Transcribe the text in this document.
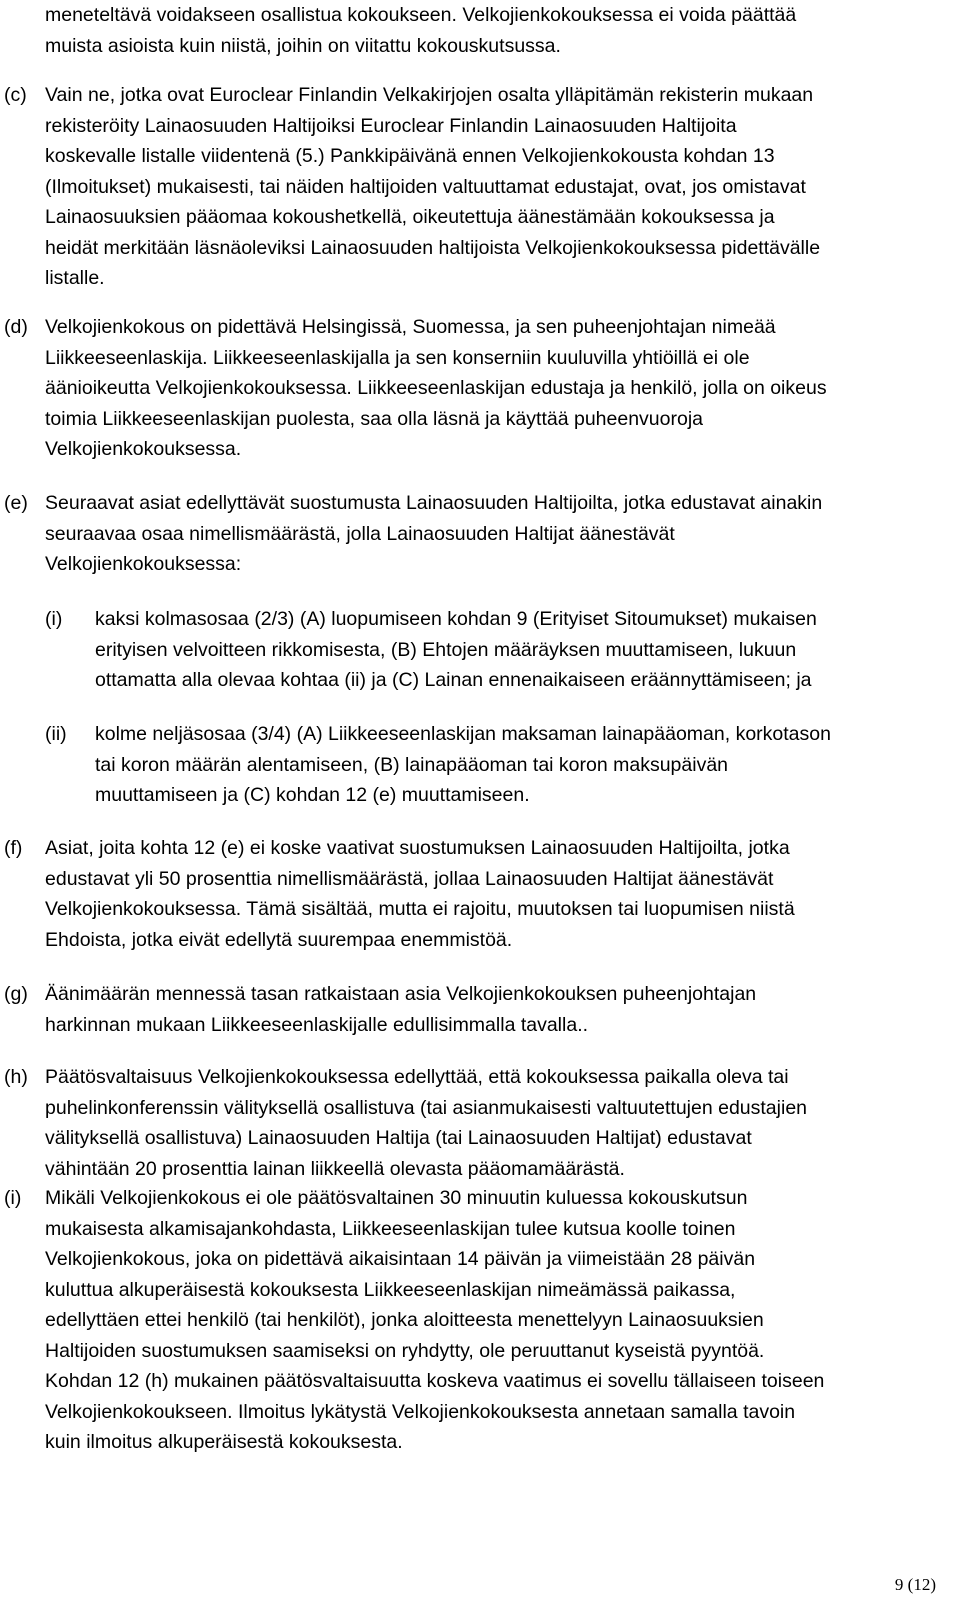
meneteltävä voidakseen osallistua kokoukseen. Velkojienkokouksessa ei voida päättää
muista asioista kuin niistä, joihin on viitattu kokouskutsussa.
(c) Vain ne, jotka ovat Euroclear Finlandin Velkakirjojen osalta ylläpitämän rekisterin mukaan
rekisteröity Lainaosuuden Haltijoiksi Euroclear Finlandin Lainaosuuden Haltijoita
koskevalle listalle viidentenä (5.) Pankkipäivänä ennen Velkojienkokousta kohdan 13
(Ilmoitukset) mukaisesti, tai näiden haltijoiden valtuuttamat edustajat, ovat, jos omistavat
Lainaosuuksien pääomaa kokoushetkellä, oikeutettuja äänestämään kokouksessa ja
heidät merkitään läsnäoleviksi Lainaosuuden haltijoista Velkojienkokouksessa pidettävälle
listalle.
(d) Velkojienkokous on pidettävä Helsingissä, Suomessa, ja sen puheenjohtajan nimeää
Liikkeeseenlaskija. Liikkeeseenlaskijalla ja sen konserniin kuuluvilla yhtiöillä ei ole
äänioikeutta Velkojienkokouksessa. Liikkeeseenlaskijan edustaja ja henkilö, jolla on oikeus
toimia Liikkeeseenlaskijan puolesta, saa olla läsnä ja käyttää puheenvuoroja
Velkojienkokouksessa.
(e) Seuraavat asiat edellyttävät suostumusta Lainaosuuden Haltijoilta, jotka edustavat ainakin
seuraavaa osaa nimellismäärästä, jolla Lainaosuuden Haltijat äänestävät
Velkojienkokouksessa:
(i) kaksi kolmasosaa (2/3) (A) luopumiseen kohdan 9 (Erityiset Sitoumukset) mukaisen
erityisen velvoitteen rikkomisesta, (B) Ehtojen määräyksen muuttamiseen, lukuun
ottamatta alla olevaa kohtaa (ii) ja (C) Lainan ennenaikaiseen eräännyttämiseen; ja
(ii) kolme neljäsosaa (3/4) (A) Liikkeeseenlaskijan maksaman lainapääoman, korkotason
tai koron määrän alentamiseen, (B) lainapääoman tai koron maksupäivän
muuttamiseen ja (C) kohdan 12 (e) muuttamiseen.
(f) Asiat, joita kohta 12 (e) ei koske vaativat suostumuksen Lainaosuuden Haltijoilta, jotka
edustavat yli 50 prosenttia nimellismäärästä, jollaa Lainaosuuden Haltijat äänestävät
Velkojienkokouksessa. Tämä sisältää, mutta ei rajoitu, muutoksen tai luopumisen niistä
Ehdoista, jotka eivät edellytä suurempaa enemmistöä.
(g) Äänimäärän mennessä tasan ratkaistaan asia Velkojienkokouksen puheenjohtajan
harkinnan mukaan Liikkeeseenlaskijalle edullisimmalla tavalla..
(h) Päätösvaltaisuus Velkojienkokouksessa edellyttää, että kokouksessa paikalla oleva tai
puhelinkonferenssin välityksellä osallistuva (tai asianmukaisesti valtuutettujen edustajien
välityksellä osallistuva) Lainaosuuden Haltija (tai Lainaosuuden Haltijat) edustavat
vähintään 20 prosenttia lainan liikkeellä olevasta pääomamäärästä.
(i) Mikäli Velkojienkokous ei ole päätösvaltainen 30 minuutin kuluessa kokouskutsun
mukaisesta alkamisajankohdasta, Liikkeeseenlaskijan tulee kutsua koolle toinen
Velkojienkokous, joka on pidettävä aikaisintaan 14 päivän ja viimeistään 28 päivän
kuluttua alkuperäisestä kokouksesta Liikkeeseenlaskijan nimeämässä paikassa,
edellyttäen ettei henkilö (tai henkilöt), jonka aloitteesta menettelyyn Lainaosuuksien
Haltijoiden suostumuksen saamiseksi on ryhdytty, ole peruuttanut kyseistä pyyntöä.
Kohdan 12 (h) mukainen päätösvaltaisuutta koskeva vaatimus ei sovellu tällaiseen toiseen
Velkojienkokoukseen. Ilmoitus lykätystä Velkojienkokouksesta annetaan samalla tavoin
kuin ilmoitus alkuperäisestä kokouksesta.
9 (12)
